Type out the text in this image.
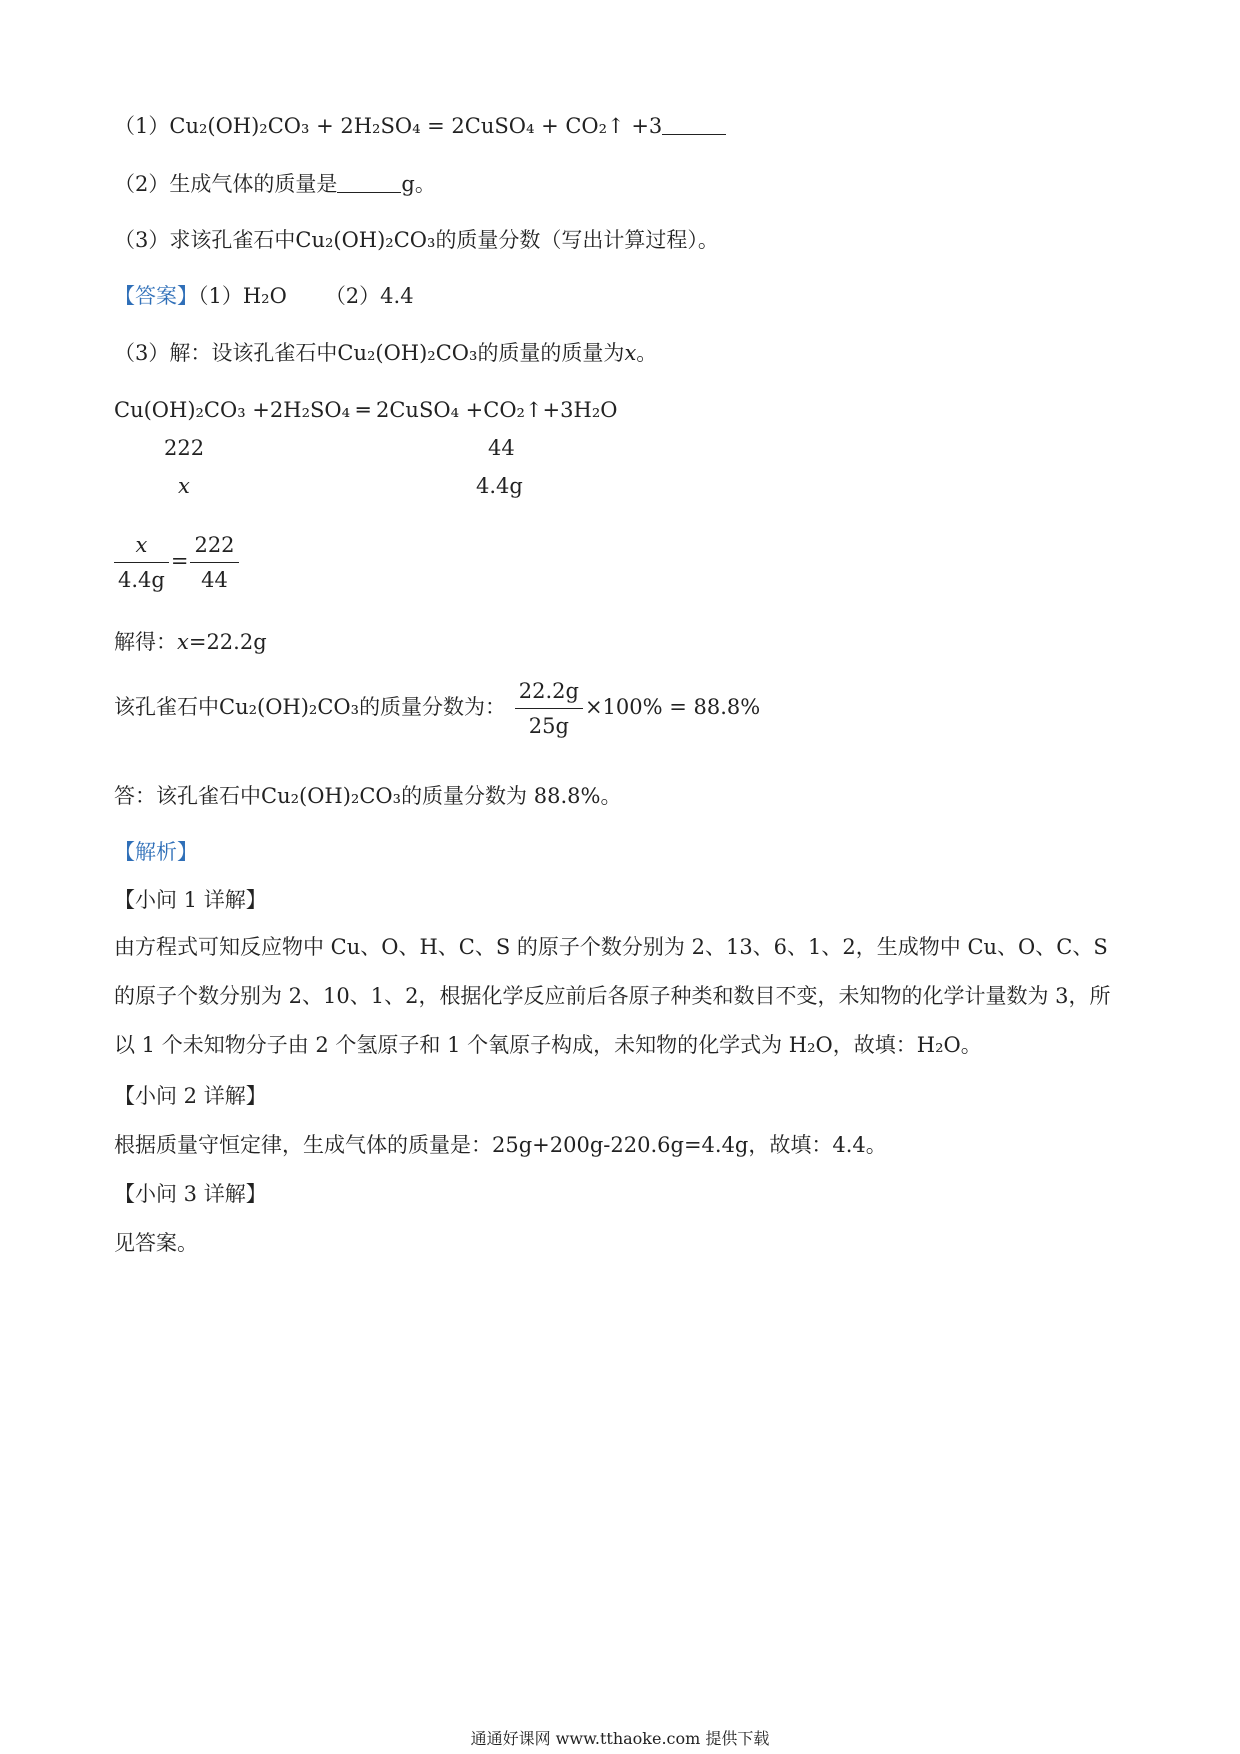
（1）Cu₂(OH)₂CO₃ + 2H₂SO₄ = 2CuSO₄ + CO₂↑ +3
（2）生成气体的质量是	g。
（3）求该孔雀石中Cu₂(OH)₂CO₃的质量分数（写出计算过程）。
【答案】（1）H₂O （2）4.4
（3）解：设该孔雀石中Cu₂(OH)₂CO₃的质量的质量为x。
Cu(OH)₂CO₃ +2H₂SO₄ ═ 2CuSO₄ +CO₂↑+3H₂O
222	44
x	4.4g
$\frac{x}{4.4g} = \frac{222}{44}$
解得：x=22.2g
该孔雀石中Cu₂(OH)₂CO₃的质量分数为： $\frac{22.2g}{25g} \times 100\% = 88.8\%$
答：该孔雀石中Cu₂(OH)₂CO₃的质量分数为 88.8%。
【解析】
【小问 1 详解】
由方程式可知反应物中 Cu、O、H、C、S 的原子个数分别为 2、13、6、1、2，生成物中 Cu、O、C、S 的原子个数分别为 2、10、1、2，根据化学反应前后各原子种类和数目不变，未知物的化学计量数为 3，所以 1 个未知物分子由 2 个氢原子和 1 个氧原子构成，未知物的化学式为 H₂O，故填：H₂O。
【小问 2 详解】
根据质量守恒定律，生成气体的质量是：25g+200g-220.6g=4.4g，故填：4.4。
【小问 3 详解】
见答案。
通通好课网 www.tthaoke.com 提供下载
